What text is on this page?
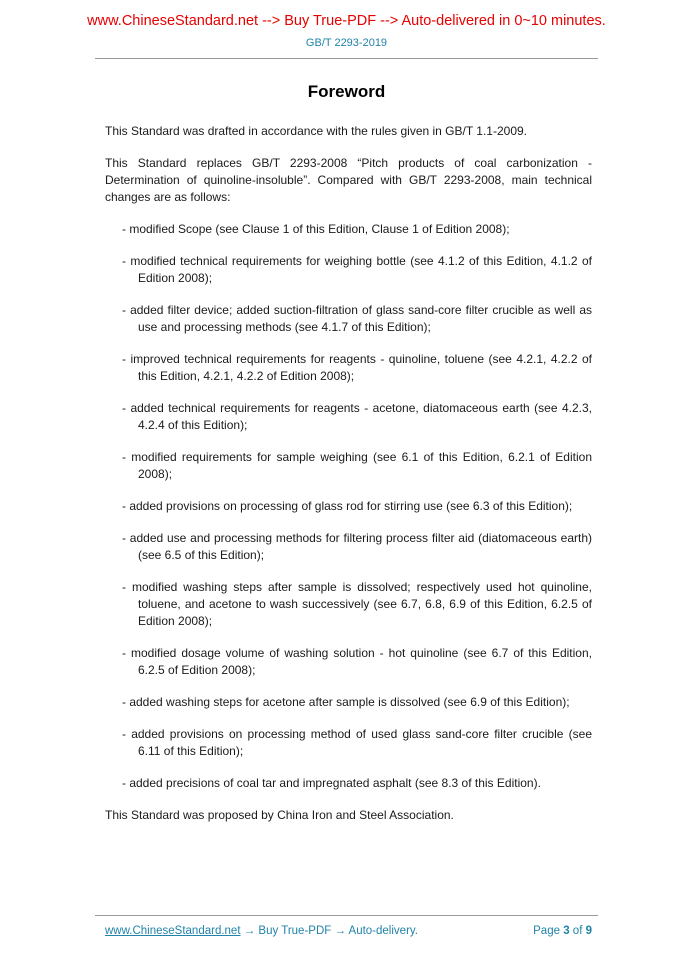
www.ChineseStandard.net --> Buy True-PDF --> Auto-delivered in 0~10 minutes.
GB/T 2293-2019
Foreword
This Standard was drafted in accordance with the rules given in GB/T 1.1-2009.
This Standard replaces GB/T 2293-2008 “Pitch products of coal carbonization - Determination of quinoline-insoluble”. Compared with GB/T 2293-2008, main technical changes are as follows:
- modified Scope (see Clause 1 of this Edition, Clause 1 of Edition 2008);
- modified technical requirements for weighing bottle (see 4.1.2 of this Edition, 4.1.2 of Edition 2008);
- added filter device; added suction-filtration of glass sand-core filter crucible as well as use and processing methods (see 4.1.7 of this Edition);
- improved technical requirements for reagents - quinoline, toluene (see 4.2.1, 4.2.2 of this Edition, 4.2.1, 4.2.2 of Edition 2008);
- added technical requirements for reagents - acetone, diatomaceous earth (see 4.2.3, 4.2.4 of this Edition);
- modified requirements for sample weighing (see 6.1 of this Edition, 6.2.1 of Edition 2008);
- added provisions on processing of glass rod for stirring use (see 6.3 of this Edition);
- added use and processing methods for filtering process filter aid (diatomaceous earth) (see 6.5 of this Edition);
- modified washing steps after sample is dissolved; respectively used hot quinoline, toluene, and acetone to wash successively (see 6.7, 6.8, 6.9 of this Edition, 6.2.5 of Edition 2008);
- modified dosage volume of washing solution - hot quinoline (see 6.7 of this Edition, 6.2.5 of Edition 2008);
- added washing steps for acetone after sample is dissolved (see 6.9 of this Edition);
- added provisions on processing method of used glass sand-core filter crucible (see 6.11 of this Edition);
- added precisions of coal tar and impregnated asphalt (see 8.3 of this Edition).
This Standard was proposed by China Iron and Steel Association.
www.ChineseStandard.net → Buy True-PDF → Auto-delivery.	Page 3 of 9
